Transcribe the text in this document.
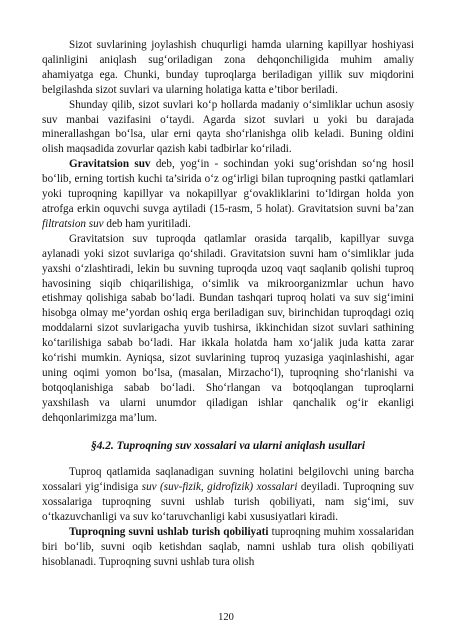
Sizot suvlarining joylashish chuqurligi hamda ularning kapillyar hoshiyasi qalinligini aniqlash sug‘oriladigan zona dehqonchiligida muhim amaliy ahamiyatga ega. Chunki, bunday tuproqlarga beriladigan yillik suv miqdorini belgilashda sizot suvlari va ularning holatiga katta e’tibor beriladi.

Shunday qilib, sizot suvlari ko‘p hollarda madaniy o‘simliklar uchun asosiy suv manbai vazifasini o‘taydi. Agarda sizot suvlari u yoki bu darajada minerallashgan bo‘lsa, ular erni qayta sho‘rlanishga olib keladi. Buning oldini olish maqsadida zovurlar qazish kabi tadbirlar ko‘riladi.

Gravitatsion suv deb, yog‘in - sochindan yoki sug‘orishdan so‘ng hosil bo‘lib, erning tortish kuchi ta’sirida o‘z og‘irligi bilan tuproqning pastki qatlamlari yoki tuproqning kapillyar va nokapillyar g‘ovakliklarini to‘ldirgan holda yon atrofga erkin oquvchi suvga aytiladi (15-rasm, 5 holat). Gravitatsion suvni ba’zan filtratsion suv deb ham yuritiladi.

Gravitatsion suv tuproqda qatlamlar orasida tarqalib, kapillyar suvga aylanadi yoki sizot suvlariga qo‘shiladi. Gravitatsion suvni ham o‘simliklar juda yaxshi o‘zlashtiradi, lekin bu suvning tuproqda uzoq vaqt saqlanib qolishi tuproq havosining siqib chiqarilishiga, o‘simlik va mikroorganizmlar uchun havo etishmay qolishiga sabab bo‘ladi. Bundan tashqari tuproq holati va suv sig‘imini hisobga olmay me’yordan oshiq erga beriladigan suv, birinchidan tuproqdagi oziq moddalarni sizot suvlarigacha yuvib tushirsa, ikkinchidan sizot suvlari sathining ko‘tarilishiga sabab bo‘ladi. Har ikkala holatda ham xo‘jalik juda katta zarar ko‘rishi mumkin. Ayniqsa, sizot suvlarining tuproq yuzasiga yaqinlashishi, agar uning oqimi yomon bo‘lsa, (masalan, Mirzacho‘l), tuproqning sho‘rlanishi va botqoqlanishiga sabab bo‘ladi. Sho‘rlangan va botqoqlangan tuproqlarni yaxshilash va ularni unumdor qiladigan ishlar qanchalik og‘ir ekanligi dehqonlarimizga ma’lum.

§4.2. Tuproqning suv xossalari va ularni aniqlash usullari

Tuproq qatlamida saqlanadigan suvning holatini belgilovchi uning barcha xossalari yig‘indisiga suv (suv-fizik, gidrofizik) xossalari deyiladi. Tuproqning suv xossalariga tuproqning suvni ushlab turish qobiliyati, nam sig‘imi, suv o‘tkazuvchanligi va suv ko‘taruvchanligi kabi xususiyatlari kiradi.

Tuproqning suvni ushlab turish qobiliyati tuproqning muhim xossalaridan biri bo‘lib, suvni oqib ketishdan saqlab, namni ushlab tura olish qobiliyati hisoblanadi. Tuproqning suvni ushlab tura olish

120
